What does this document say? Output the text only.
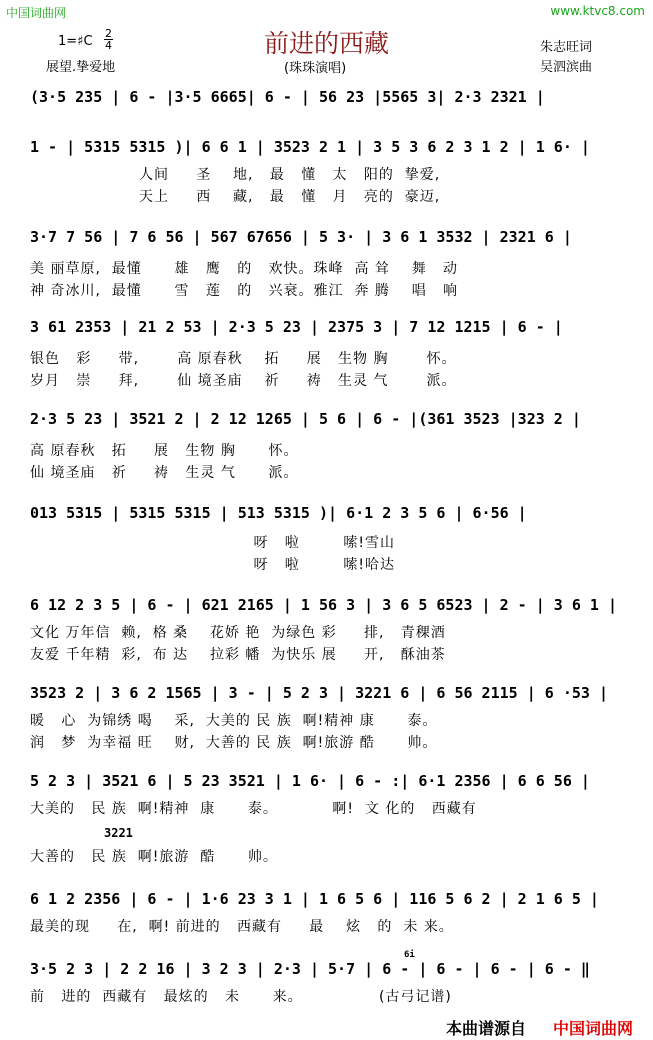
中国词曲网	www.ktvc8.com
前进的西藏
1=♯C
2
4
展望.挚爱地	(珠珠演唱)
朱志旺词
吴泗滨曲
(3·5 235 | 6 - |3·5 6665| 6 - | 56 23 |5565 3| 2·3 2321 |
1 - | 5315 5315 )| 6 6 1 | 3523 2 1 | 3 5 3 6 2 3 1 2 | 1 6· |
人间     圣    地,   最   懂   太   阳的  挚爱,
天上     西    藏,   最   懂   月   亮的  豪迈,
3·7 7 56 | 7 6 56 | 567 67656 | 5 3· | 3 6 1 3532 | 2321 6 |
美 丽草原,  最懂      雄   鹰   的   欢快。珠峰  高 耸    舞   动
神 奇冰川,  最懂      雪   莲   的   兴衰。雅江  奔 腾    唱   响
3 61 2353 | 21 2 53 | 2·3 5 23 | 2375 3 | 7 12 1215 | 6 - |
银色   彩     带,       高 原春秋    拓     展   生物 胸       怀。
岁月   崇     拜,       仙 境圣庙    祈     祷   生灵 气       派。
2·3 5 23 | 3521 2 | 2 12 1265 | 5 6 | 6 - |(361 3523 |323 2 |
高 原春秋   拓     展   生物 胸      怀。
仙 境圣庙   祈     祷   生灵 气      派。
013 5315 | 5315 5315 | 513 5315 )| 6·1 2 3 5 6 | 6·56 |
呀   啦        嗦!雪山
呀   啦        嗦!哈达
6 12 2 3 5 | 6 - | 621 2165 | 1 56 3 | 3 6 5 6523 | 2 - | 3 6 1 |
文化 万年信  赖,  格 桑    花娇 艳  为绿色 彩     排,   青稞酒
友爱 千年精  彩,  布 达    拉彩 幡  为快乐 展     开,   酥油茶
3523 2 | 3 6 2 1565 | 3 - | 5 2 3 | 3221 6 | 6 56 2115 | 6 ·53 |
暖   心  为锦绣 喝    采,  大美的 民 族  啊!精神 康      泰。
润   梦  为幸福 旺    财,  大善的 民 族  啊!旅游 酷      帅。
5 2 3 | 3521 6 | 5 23 3521 | 1 6· | 6 - :| 6·1 2356 | 6 6 56 |
大美的   民 族  啊!精神  康      泰。          啊!  文 化的   西藏有
3221
大善的   民 族  啊!旅游  酷      帅。
6 1 2 2356 | 6 - | 1·6 23 3 1 | 1 6 5 6 | 116 5 6 2 | 2 1 6 5 |
最美的现     在,  啊! 前进的   西藏有     最    炫   的  未 来。
6i
3·5 2 3 | 2 2 16 | 3 2 3 | 2·3 | 5·7 | 6 - | 6 - | 6 - | 6 - ‖
前   进的  西藏有   最炫的   未      来。              (古弓记谱)
本曲谱源自 中国词曲网
